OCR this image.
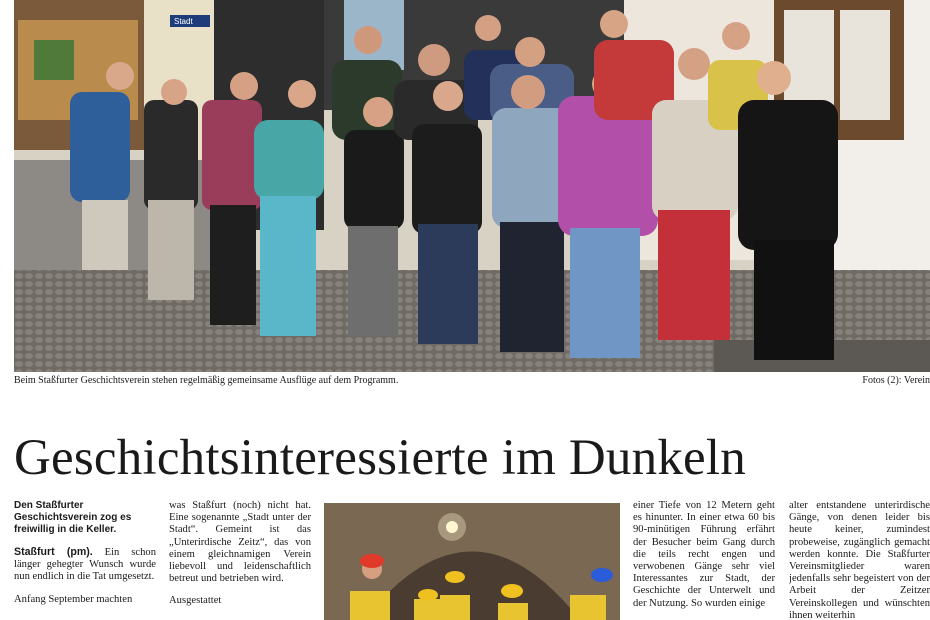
Stadt
Beim Staßfurter Geschichtsverein stehen regelmäßig gemeinsame Ausflüge auf dem Programm.	Fotos (2): Verein
Geschichtsinteressierte im Dunkeln

Den Staßfurter Geschichtsverein zog es freiwillig in die Keller.

Staßfurt (pm). Ein schon länger gehegter Wunsch wurde nun endlich in die Tat umgesetzt.

Anfang September machten

was Staßfurt (noch) nicht hat. Eine sogenannte „Stadt unter der Stadt“. Gemeint ist das „Unterirdische Zeitz“, das von einem gleichnamigen Verein liebevoll und leidenschaftlich betreut und betrieben wird.

Ausgestattet

einer Tiefe von 12 Metern geht es hinunter. In einer etwa 60 bis 90-minütigen Führung erfährt der Besucher beim Gang durch die teils recht engen und verwobenen Gänge sehr viel Interessantes zur Stadt, der Geschichte der Unterwelt und der Nutzung. So wurden einige

alter entstandene unterirdische Gänge, von denen leider bis heute keiner, zumindest probeweise, zugänglich gemacht werden konnte. Die Staßfurter Vereinsmitglieder waren jedenfalls sehr begeistert von der Arbeit der Zeitzer Vereinskollegen und wünschten ihnen weiterhin
